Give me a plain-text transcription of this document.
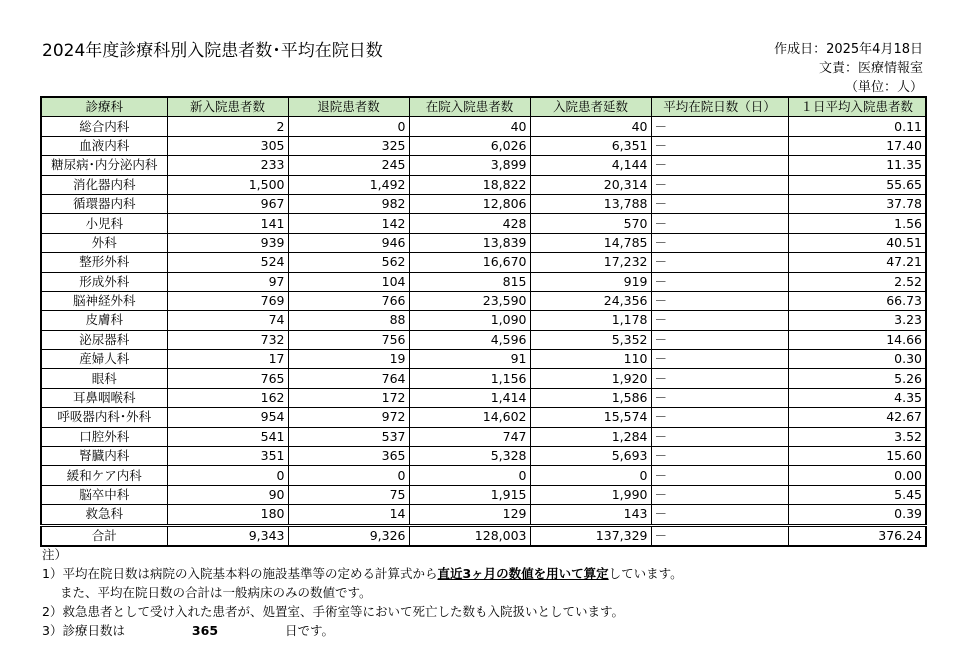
2024年度診療科別入院患者数･平均在院日数	作成日：2025年4月18日
文責：医療情報室
（単位：人）
診療科	新入院患者数	退院患者数	在院入院患者数	入院患者延数	平均在院日数（日）	１日平均入院患者数
総合内科	2	0	40	40	－	0.11
血液内科	305	325	6,026	6,351	－	17.40
糖尿病･内分泌内科	233	245	3,899	4,144	－	11.35
消化器内科	1,500	1,492	18,822	20,314	－	55.65
循環器内科	967	982	12,806	13,788	－	37.78
小児科	141	142	428	570	－	1.56
外科	939	946	13,839	14,785	－	40.51
整形外科	524	562	16,670	17,232	－	47.21
形成外科	97	104	815	919	－	2.52
脳神経外科	769	766	23,590	24,356	－	66.73
皮膚科	74	88	1,090	1,178	－	3.23
泌尿器科	732	756	4,596	5,352	－	14.66
産婦人科	17	19	91	110	－	0.30
眼科	765	764	1,156	1,920	－	5.26
耳鼻咽喉科	162	172	1,414	1,586	－	4.35
呼吸器内科･外科	954	972	14,602	15,574	－	42.67
口腔外科	541	537	747	1,284	－	3.52
腎臓内科	351	365	5,328	5,693	－	15.60
緩和ケア内科	0	0	0	0	－	0.00
脳卒中科	90	75	1,915	1,990	－	5.45
救急科	180	14	129	143	－	0.39
合計	9,343	9,326	128,003	137,329	－	376.24
注）
1）平均在院日数は病院の入院基本料の施設基準等の定める計算式から直近3ヶ月の数値を用いて算定しています。
また、平均在院日数の合計は一般病床のみの数値です。
2）救急患者として受け入れた患者が、処置室、手術室等において死亡した数も入院扱いとしています。
3）診療日数は	365	日です。
